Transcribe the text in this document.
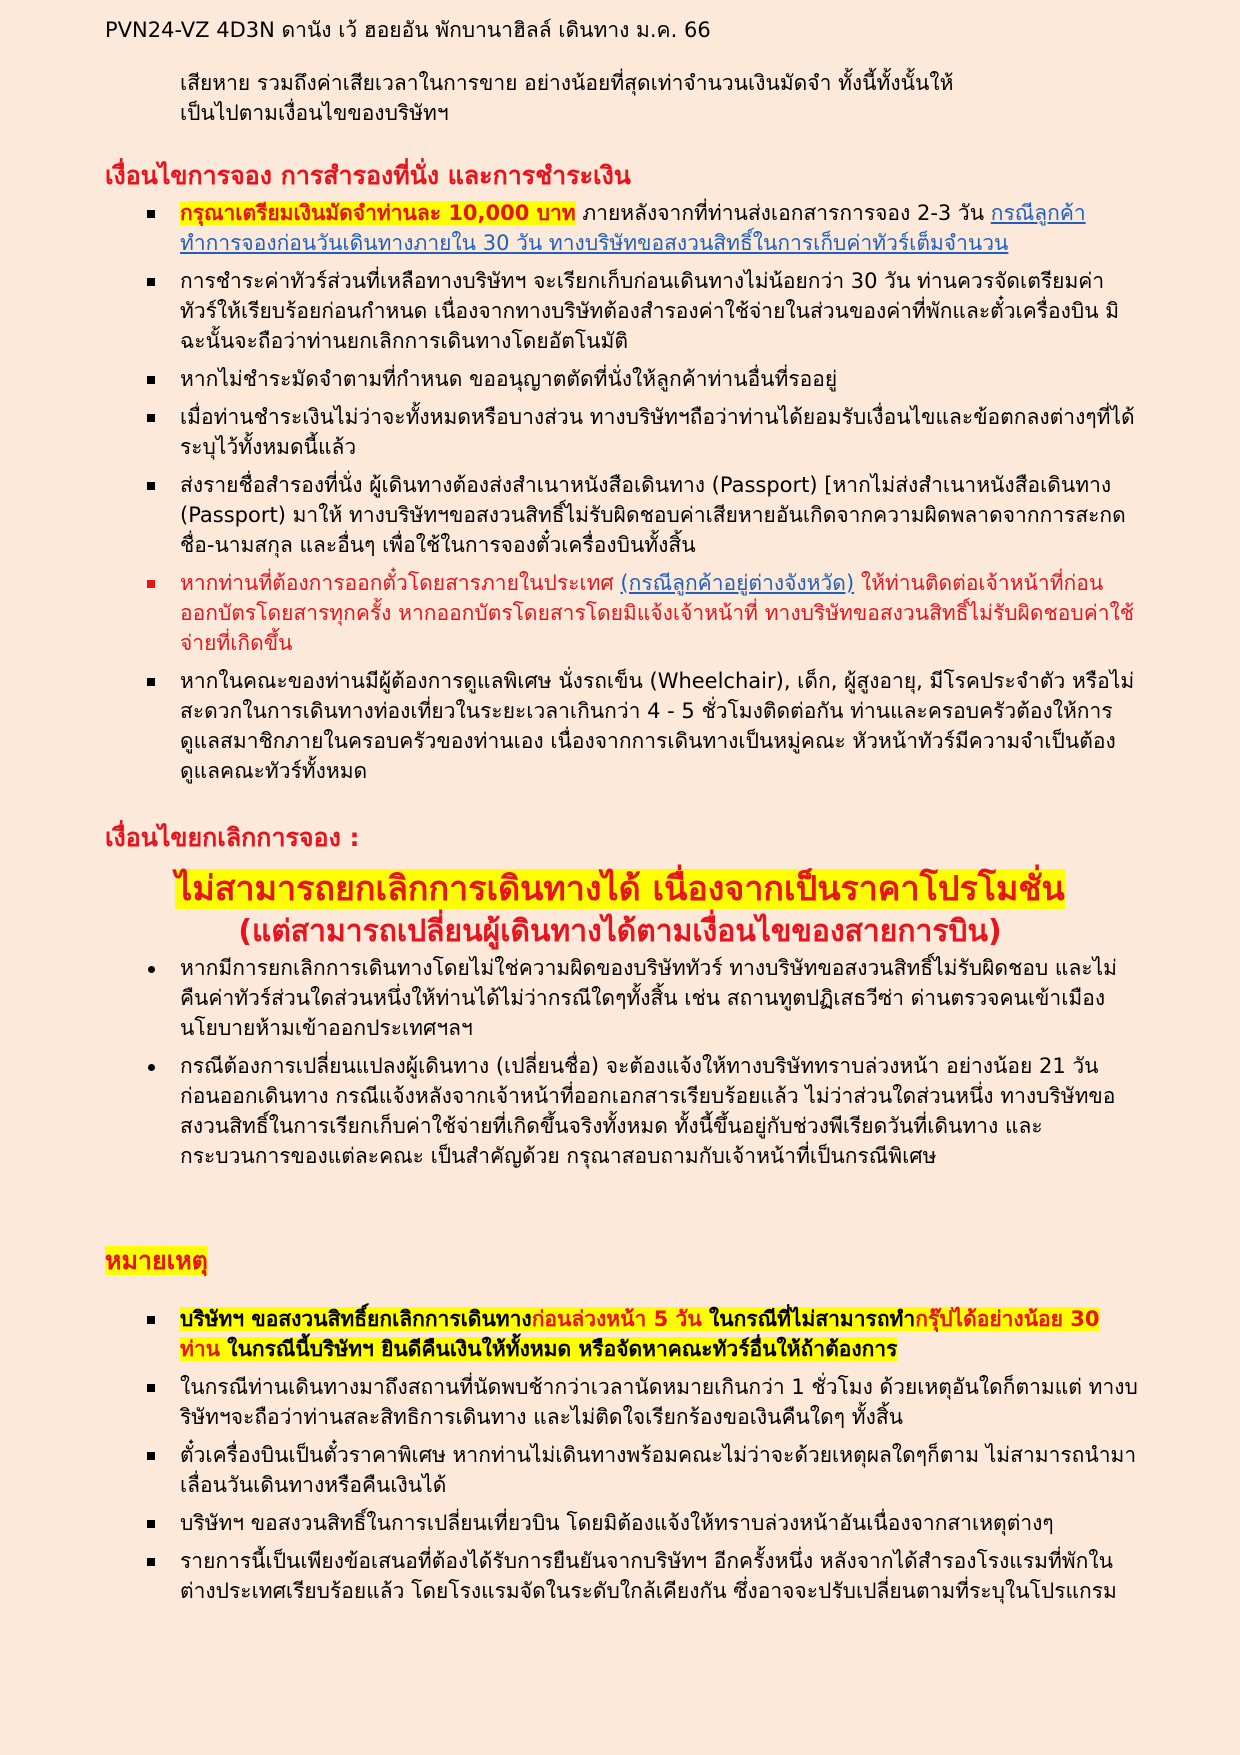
PVN24-VZ 4D3N ดานัง เว้ ฮอยอัน พักบานาฮิลล์ เดินทาง ม.ค. 66
เสียหาย รวมถึงค่าเสียเวลาในการขาย อย่างน้อยที่สุดเท่าจำนวนเงินมัดจำ ทั้งนี้ทั้งนั้นให้
เป็นไปตามเงื่อนไขของบริษัทฯ
เงื่อนไขการจอง การสำรองที่นั่ง และการชำระเงิน
กรุณาเตรียมเงินมัดจำท่านละ 10,000 บาท ภายหลังจากที่ท่านส่งเอกสารการจอง 2-3 วัน กรณีลูกค้าทำการจองก่อนวันเดินทางภายใน 30 วัน ทางบริษัทขอสงวนสิทธิ์ในการเก็บค่าทัวร์เต็มจำนวน
การชำระค่าทัวร์ส่วนที่เหลือทางบริษัทฯ จะเรียกเก็บก่อนเดินทางไม่น้อยกว่า 30 วัน ท่านควรจัดเตรียมค่าทัวร์ให้เรียบร้อยก่อนกำหนด เนื่องจากทางบริษัทต้องสำรองค่าใช้จ่ายในส่วนของค่าที่พักและตั๋วเครื่องบิน มิฉะนั้นจะถือว่าท่านยกเลิกการเดินทางโดยอัตโนมัติ
หากไม่ชำระมัดจำตามที่กำหนด ขออนุญาตตัดที่นั่งให้ลูกค้าท่านอื่นที่รออยู่
เมื่อท่านชำระเงินไม่ว่าจะทั้งหมดหรือบางส่วน ทางบริษัทฯถือว่าท่านได้ยอมรับเงื่อนไขและข้อตกลงต่างๆที่ได้ระบุไว้ทั้งหมดนี้แล้ว
ส่งรายชื่อสำรองที่นั่ง ผู้เดินทางต้องส่งสำเนาหนังสือเดินทาง (Passport) [หากไม่ส่งสำเนาหนังสือเดินทาง (Passport) มาให้ ทางบริษัทฯขอสงวนสิทธิ์ไม่รับผิดชอบค่าเสียหายอันเกิดจากความผิดพลาดจากการสะกดชื่อ-นามสกุล และอื่นๆ เพื่อใช้ในการจองตั๋วเครื่องบินทั้งสิ้น
หากท่านที่ต้องการออกตั๋วโดยสารภายในประเทศ (กรณีลูกค้าอยู่ต่างจังหวัด) ให้ท่านติดต่อเจ้าหน้าที่ก่อนออกบัตรโดยสารทุกครั้ง หากออกบัตรโดยสารโดยมิแจ้งเจ้าหน้าที่ ทางบริษัทขอสงวนสิทธิ์ไม่รับผิดชอบค่าใช้จ่ายที่เกิดขึ้น
หากในคณะของท่านมีผู้ต้องการดูแลพิเศษ นั่งรถเข็น (Wheelchair), เด็ก, ผู้สูงอายุ, มีโรคประจำตัว หรือไม่สะดวกในการเดินทางท่องเที่ยวในระยะเวลาเกินกว่า 4 - 5 ชั่วโมงติดต่อกัน ท่านและครอบครัวต้องให้การดูแลสมาชิกภายในครอบครัวของท่านเอง เนื่องจากการเดินทางเป็นหมู่คณะ หัวหน้าทัวร์มีความจำเป็นต้องดูแลคณะทัวร์ทั้งหมด
เงื่อนไขยกเลิกการจอง :
ไม่สามารถยกเลิกการเดินทางได้ เนื่องจากเป็นราคาโปรโมชั่น
(แต่สามารถเปลี่ยนผู้เดินทางได้ตามเงื่อนไขของสายการบิน)
หากมีการยกเลิกการเดินทางโดยไม่ใช่ความผิดของบริษัททัวร์ ทางบริษัทขอสงวนสิทธิ์ไม่รับผิดชอบ และไม่คืนค่าทัวร์ส่วนใดส่วนหนึ่งให้ท่านได้ไม่ว่ากรณีใดๆทั้งสิ้น เช่น สถานทูตปฏิเสธวีซ่า ด่านตรวจคนเข้าเมือง นโยบายห้ามเข้าออกประเทศฯลฯ
กรณีต้องการเปลี่ยนแปลงผู้เดินทาง (เปลี่ยนชื่อ) จะต้องแจ้งให้ทางบริษัททราบล่วงหน้า อย่างน้อย 21 วัน ก่อนออกเดินทาง กรณีแจ้งหลังจากเจ้าหน้าที่ออกเอกสารเรียบร้อยแล้ว ไม่ว่าส่วนใดส่วนหนึ่ง ทางบริษัทขอสงวนสิทธิ์ในการเรียกเก็บค่าใช้จ่ายที่เกิดขึ้นจริงทั้งหมด ทั้งนี้ขึ้นอยู่กับช่วงพีเรียดวันที่เดินทาง และกระบวนการของแต่ละคณะ เป็นสำคัญด้วย กรุณาสอบถามกับเจ้าหน้าที่เป็นกรณีพิเศษ
หมายเหตุ
บริษัทฯ ขอสงวนสิทธิ์ยกเลิกการเดินทางก่อนล่วงหน้า 5 วัน ในกรณีที่ไม่สามารถทำกรุ๊ปได้อย่างน้อย 30 ท่าน ในกรณีนี้บริษัทฯ ยินดีคืนเงินให้ทั้งหมด หรือจัดหาคณะทัวร์อื่นให้ถ้าต้องการ
ในกรณีท่านเดินทางมาถึงสถานที่นัดพบช้ากว่าเวลานัดหมายเกินกว่า 1 ชั่วโมง ด้วยเหตุอันใดก็ตามแต่ ทางบริษัทฯจะถือว่าท่านสละสิทธิการเดินทาง และไม่ติดใจเรียกร้องขอเงินคืนใดๆ ทั้งสิ้น
ตั๋วเครื่องบินเป็นตั๋วราคาพิเศษ หากท่านไม่เดินทางพร้อมคณะไม่ว่าจะด้วยเหตุผลใดๆก็ตาม ไม่สามารถนำมาเลื่อนวันเดินทางหรือคืนเงินได้
บริษัทฯ ขอสงวนสิทธิ์ในการเปลี่ยนเที่ยวบิน โดยมิต้องแจ้งให้ทราบล่วงหน้าอันเนื่องจากสาเหตุต่างๆ
รายการนี้เป็นเพียงข้อเสนอที่ต้องได้รับการยืนยันจากบริษัทฯ อีกครั้งหนึ่ง หลังจากได้สำรองโรงแรมที่พักในต่างประเทศเรียบร้อยแล้ว โดยโรงแรมจัดในระดับใกล้เคียงกัน ซึ่งอาจจะปรับเปลี่ยนตามที่ระบุในโปรแกรม
